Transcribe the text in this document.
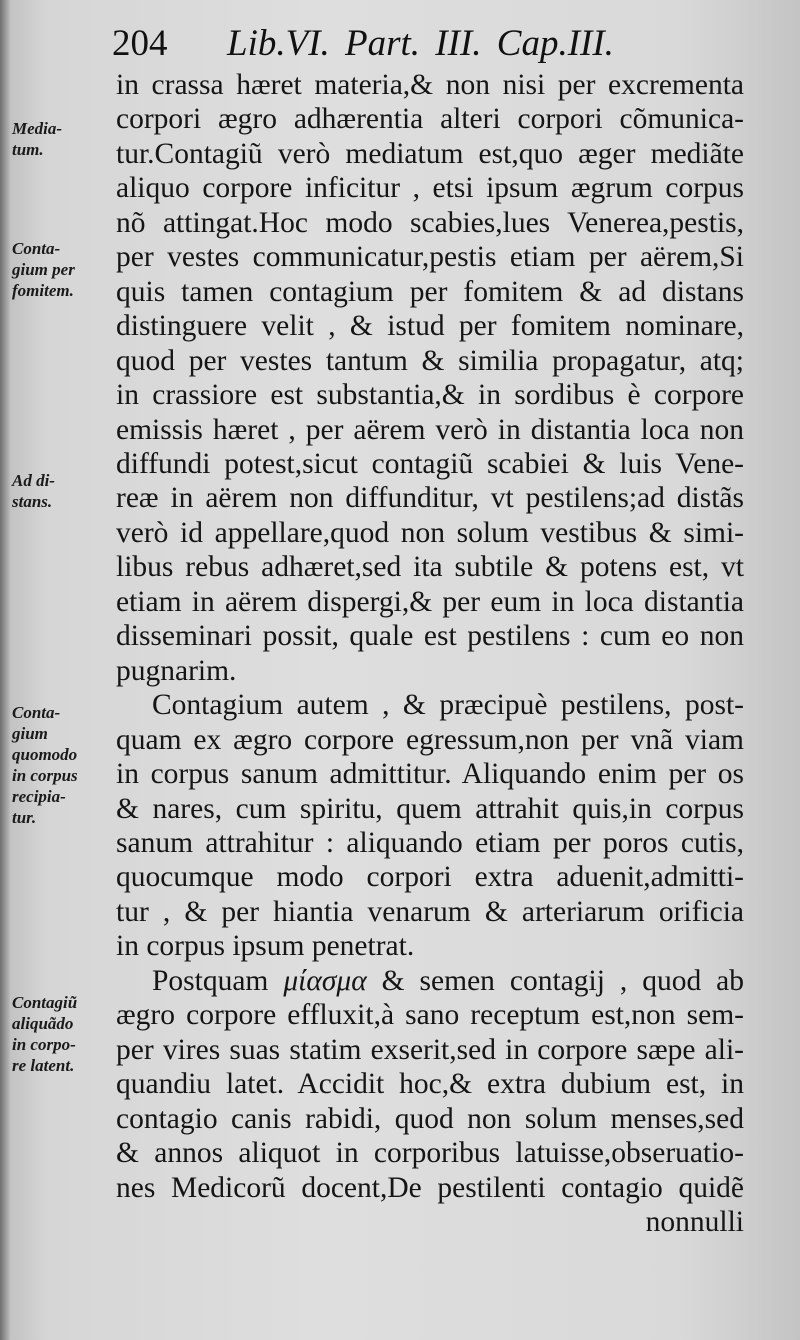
204 Lib.VI. Part. III. Cap.III.
Media-
tum.
Conta-
gium per
fomitem.
Ad di-
stans.
Conta-
gium
quomodo
in corpus
recipia-
tur.
Contagiũ
aliquãdo
in corpo-
re latent.
in crassa hæret materia,& non nisi per excrementa
corpori ægro adhærentia alteri corpori cõmunica-
tur.Contagiũ verò mediatum est,quo æger mediãte
aliquo corpore inficitur , etsi ipsum ægrum corpus
nõ attingat.Hoc modo scabies,lues Venerea,pestis,
per vestes communicatur,pestis etiam per aërem,Si
quis tamen contagium per fomitem & ad distans
distinguere velit , & istud per fomitem nominare,
quod per vestes tantum & similia propagatur, atq;
in crassiore est substantia,& in sordibus è corpore
emissis hæret , per aërem verò in distantia loca non
diffundi potest,sicut contagiũ scabiei & luis Vene-
reæ in aërem non diffunditur, vt pestilens;ad distãs
verò id appellare,quod non solum vestibus & simi-
libus rebus adhæret,sed ita subtile & potens est, vt
etiam in aërem dispergi,& per eum in loca distantia
disseminari possit, quale est pestilens : cum eo non
pugnarim.
Contagium autem , & præcipuè pestilens, post-
quam ex ægro corpore egressum,non per vnã viam
in corpus sanum admittitur. Aliquando enim per os
& nares, cum spiritu, quem attrahit quis,in corpus
sanum attrahitur : aliquando etiam per poros cutis,
quocumque modo corpori extra aduenit,admitti-
tur , & per hiantia venarum & arteriarum orificia
in corpus ipsum penetrat.
Postquam μίασμα & semen contagij , quod ab
ægro corpore effluxit,à sano receptum est,non sem-
per vires suas statim exserit,sed in corpore sæpe ali-
quandiu latet. Accidit hoc,& extra dubium est, in
contagio canis rabidi, quod non solum menses,sed
& annos aliquot in corporibus latuisse,obseruatio-
nes Medicorũ docent,De pestilenti contagio quidẽ
nonnulli
